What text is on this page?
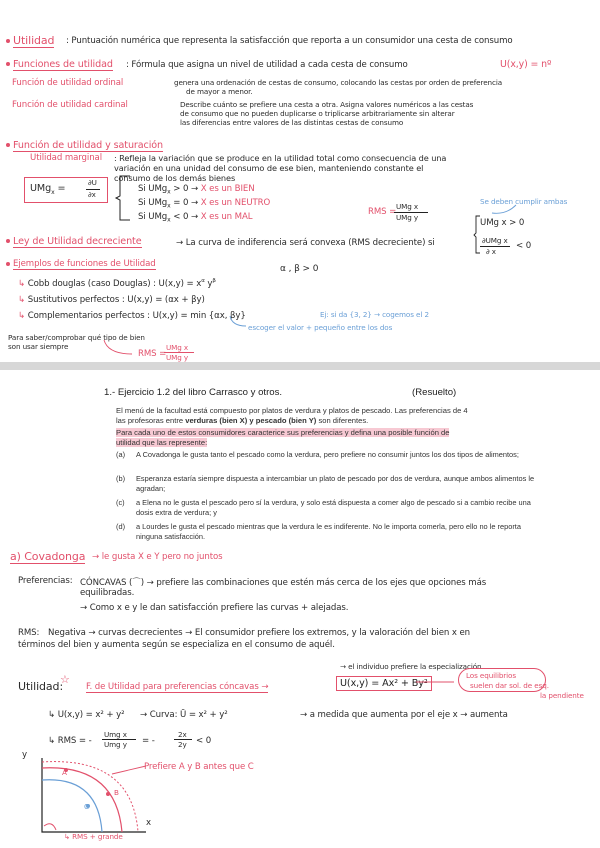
Utilidad : Puntuación numérica que representa la satisfacción que reporta a un consumidor una cesta de consumo
Funciones de utilidad : Fórmula que asigna un nivel de utilidad a cada cesta de consumo	U(x,y) = nº
Función de utilidad ordinal	genera una ordenación de cestas de consumo, colocando las cestas por orden de preferencia
de mayor a menor.
Función de utilidad cardinal	Describe cuánto se prefiere una cesta a otra. Asigna valores numéricos a las cestas
de consumo que no pueden duplicarse o triplicarse arbitrariamente sin alterar
las diferencias entre valores de las distintas cestas de consumo
Función de utilidad y saturación
Utilidad marginal : Refleja la variación que se produce en la utilidad total como consecuencia de una
variación en una unidad del consumo de ese bien, manteniendo constante el
consumo de los demás bienes
UMg$_x$ =
∂U
∂x
Si UMg$_x$ > 0 → X es un BIEN
Si UMg$_x$ = 0 → X es un NEUTRO
Si UMg$_x$ < 0 → X es un MAL	RMS =
UMg x
UMg y
Se deben cumplir ambas
UMg x > 0
∂UMg x
∂ x
< 0
Ley de Utilidad decreciente	→ La curva de indiferencia será convexa (RMS decreciente) si
Ejemplos de funciones de Utilidad	α , β > 0
↳ Cobb douglas (caso Douglas) : $U(x,y) = x^\alpha$ $y^\beta$
↳ Sustitutivos perfectos : U(x,y) = (αx + βy)
↳ Complementarios perfectos : U(x,y) = min {αx, βy}	Ej: si da {3, 2} → cogemos el 2
escoger el valor + pequeño entre los dos
Para saber/comprobar qué tipo de bien
son usar siempre
RMS =
UMg x
UMg y
1.- Ejercicio 1.2 del libro Carrasco y otros.	(Resuelto)
El menú de la facultad está compuesto por platos de verdura y platos de pescado. Las preferencias de 4
las profesoras entre verduras (bien X) y pescado (bien Y) son diferentes.
Para cada uno de estos consumidores caracterice sus preferencias y defina una posible función de
utilidad que las represente:
(a) A Covadonga le gusta tanto el pescado como la verdura, pero prefiere no consumir juntos los dos tipos de alimentos;
(b) Esperanza estaría siempre dispuesta a intercambiar un plato de pescado por dos de verdura, aunque ambos alimentos le agradan;
(c) a Elena no le gusta el pescado pero sí la verdura, y solo está dispuesta a comer algo de pescado si a cambio recibe una dosis extra de verdura; y
(d) a Lourdes le gusta el pescado mientras que la verdura le es indiferente. No le importa comerla, pero ello no le reporta ninguna satisfacción.
a) Covadonga → le gusta X e Y pero no juntos
Preferencias: CÓNCAVAS (⌒) → prefiere las combinaciones que estén más cerca de los ejes que opciones más
equilibradas.
→ Como x e y le dan satisfacción prefiere las curvas + alejadas.
RMS: Negativa → curvas decrecientes → El consumidor prefiere los extremos, y la valoración del bien x en
términos del bien y aumenta según se especializa en el consumo de aquél.
→ el individuo prefiere la especialización
Utilidad:
☆
F. de Utilidad para preferencias cóncavas →	U(x,y) = Ax² + By²
Los equilibrios
suelen dar sol. de esq.
la pendiente
↳ U(x,y) = x² + y² → Curva: Ū = x² + y²	→ a medida que aumenta por el eje x → aumenta
↳ RMS = -
Umg x
Umg y = -
2x
2y < 0
y
x
A
B
C
Prefiere A y B antes que C
↳ RMS + grande
